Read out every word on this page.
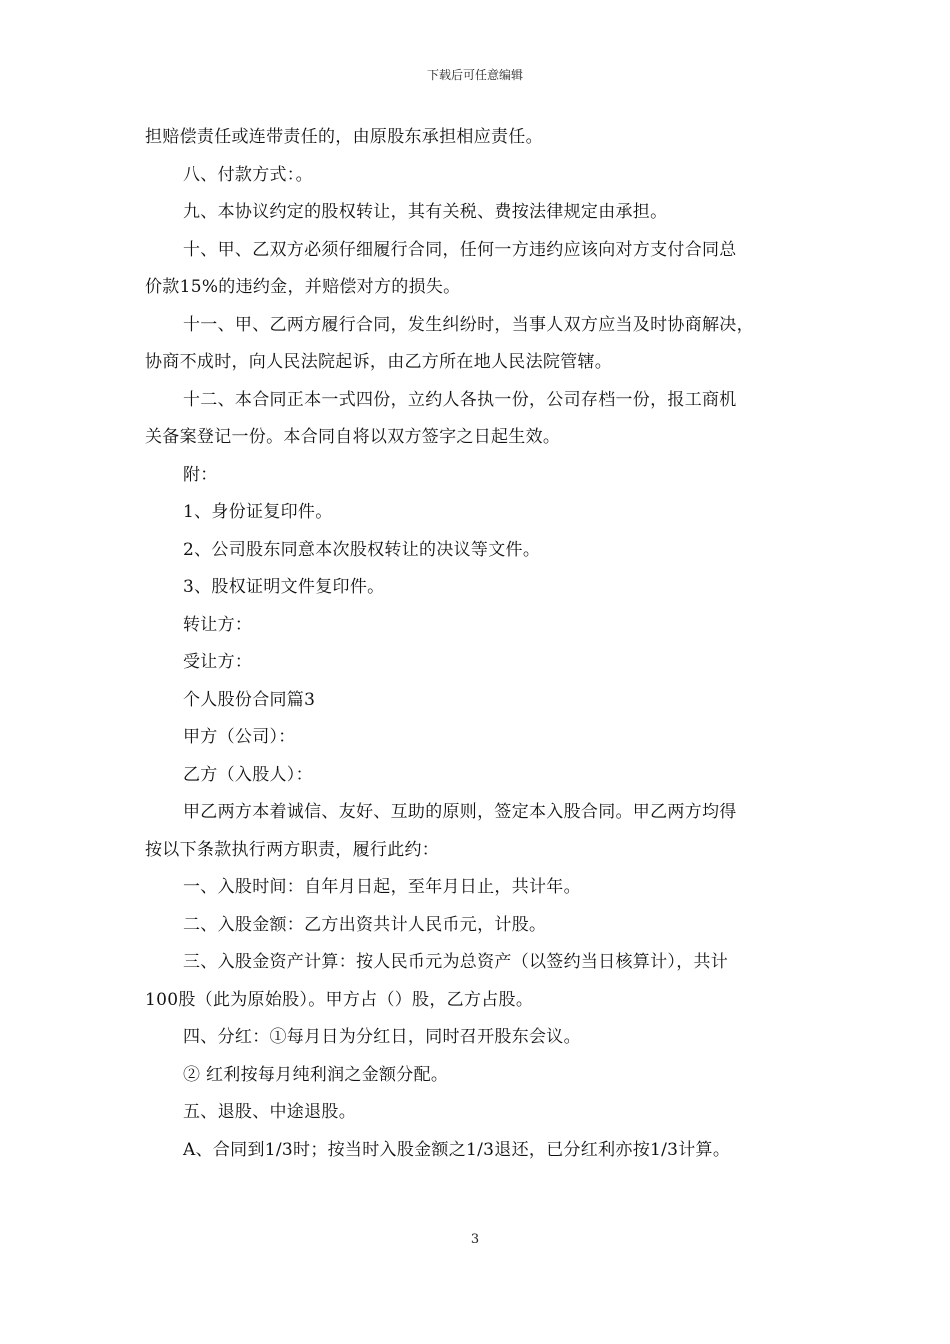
下载后可任意编辑

担赔偿责任或连带责任的，由原股东承担相应责任。

八、付款方式：。

九、本协议约定的股权转让，其有关税、费按法律规定由承担。

十、甲、乙双方必须仔细履行合同，任何一方违约应该向对方支付合同总

价款15%的违约金，并赔偿对方的损失。

十一、甲、乙两方履行合同，发生纠纷时，当事人双方应当及时协商解决，

协商不成时，向人民法院起诉，由乙方所在地人民法院管辖。

十二、本合同正本一式四份，立约人各执一份，公司存档一份，报工商机

关备案登记一份。本合同自将以双方签字之日起生效。

附：

1、身份证复印件。

2、公司股东同意本次股权转让的决议等文件。

3、股权证明文件复印件。

转让方：

受让方：

个人股份合同篇3

甲方（公司）：

乙方（入股人）：

甲乙两方本着诚信、友好、互助的原则，签定本入股合同。甲乙两方均得

按以下条款执行两方职责，履行此约：

一、入股时间：自年月日起，至年月日止，共计年。

二、入股金额：乙方出资共计人民币元，计股。

三、入股金资产计算：按人民币元为总资产（以签约当日核算计），共计

100股（此为原始股）。甲方占（）股，乙方占股。

四、分红：①每月日为分红日，同时召开股东会议。

② 红利按每月纯利润之金额分配。

五、退股、中途退股。

A、合同到1/3时；按当时入股金额之1/3退还，已分红利亦按1/3计算。

3
